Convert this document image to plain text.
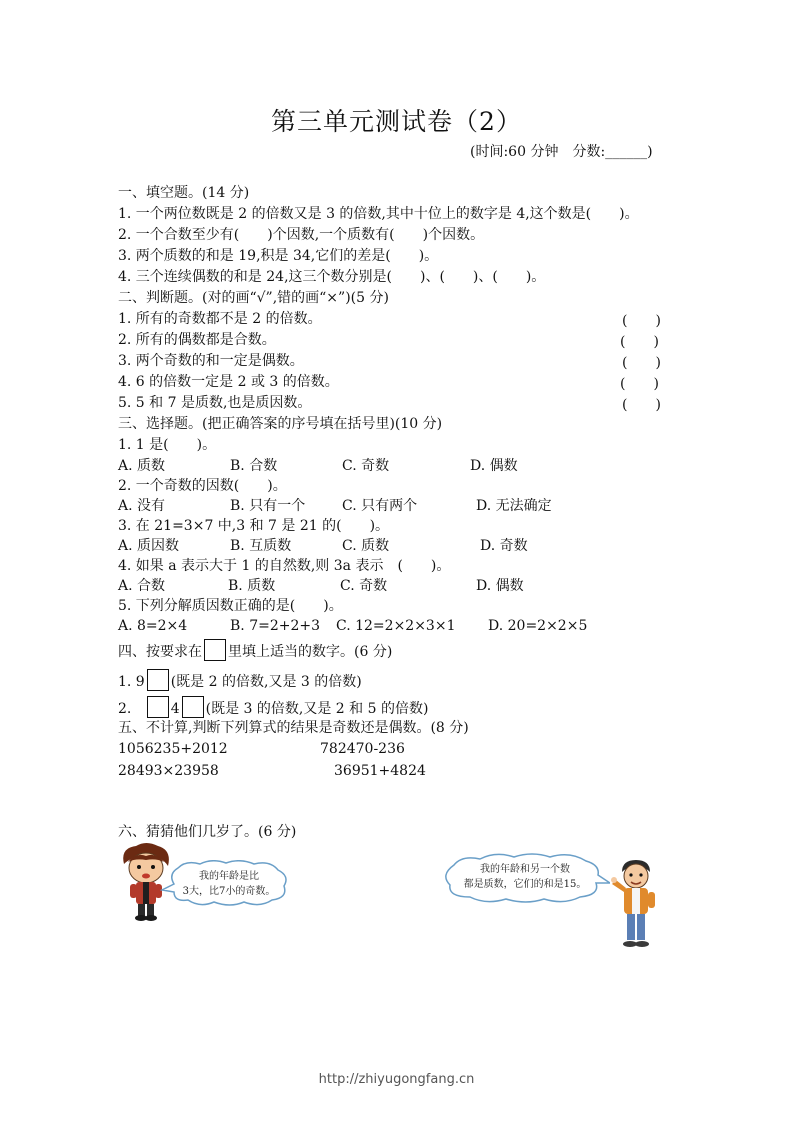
第三单元测试卷（2）
(时间:60 分钟　分数:______)
一、填空题。(14 分)
1. 一个两位数既是 2 的倍数又是 3 的倍数,其中十位上的数字是 4,这个数是(　　)。
2. 一个合数至少有(　　)个因数,一个质数有(　　)个因数。
3. 两个质数的和是 19,积是 34,它们的差是(　　)。
4. 三个连续偶数的和是 24,这三个数分别是(　　)、(　　)、(　　)。
二、判断题。(对的画“√”,错的画“×”)(5 分)
1. 所有的奇数都不是 2 的倍数。	(　　)
2. 所有的偶数都是合数。	(　　)
3. 两个奇数的和一定是偶数。	(　　)
4. 6 的倍数一定是 2 或 3 的倍数。	(　　)
5. 5 和 7 是质数,也是质因数。	(　　)
三、选择题。(把正确答案的序号填在括号里)(10 分)
1. 1 是(　　)。
A. 质数	B. 合数	C. 奇数	D. 偶数
2. 一个奇数的因数(　　)。
A. 没有	B. 只有一个	C. 只有两个	D. 无法确定
3. 在 21=3×7 中,3 和 7 是 21 的(　　)。
A. 质因数	B. 互质数	C. 质数	D. 奇数
4. 如果 a 表示大于 1 的自然数,则 3a 表示　(　　)。
A. 合数	B. 质数	C. 奇数	D. 偶数
5. 下列分解质因数正确的是(　　)。
A. 8=2×4	B. 7=2+2+3 C. 12=2×2×3×1 D. 20=2×2×5
四、按要求在 里填上适当的数字。(6 分)
1. 9 (既是 2 的倍数,又是 3 的倍数)
2.	4 (既是 3 的倍数,又是 2 和 5 的倍数)
五、不计算,判断下列算式的结果是奇数还是偶数。(8 分)
1056235+2012	782470-236
28493×23958	36951+4824
六、猜猜他们几岁了。(6 分)
我的年龄是比
3大，比7小的奇数。
我的年龄和另一个数
都是质数，它们的和是15。
http://zhiyugongfang.cn
